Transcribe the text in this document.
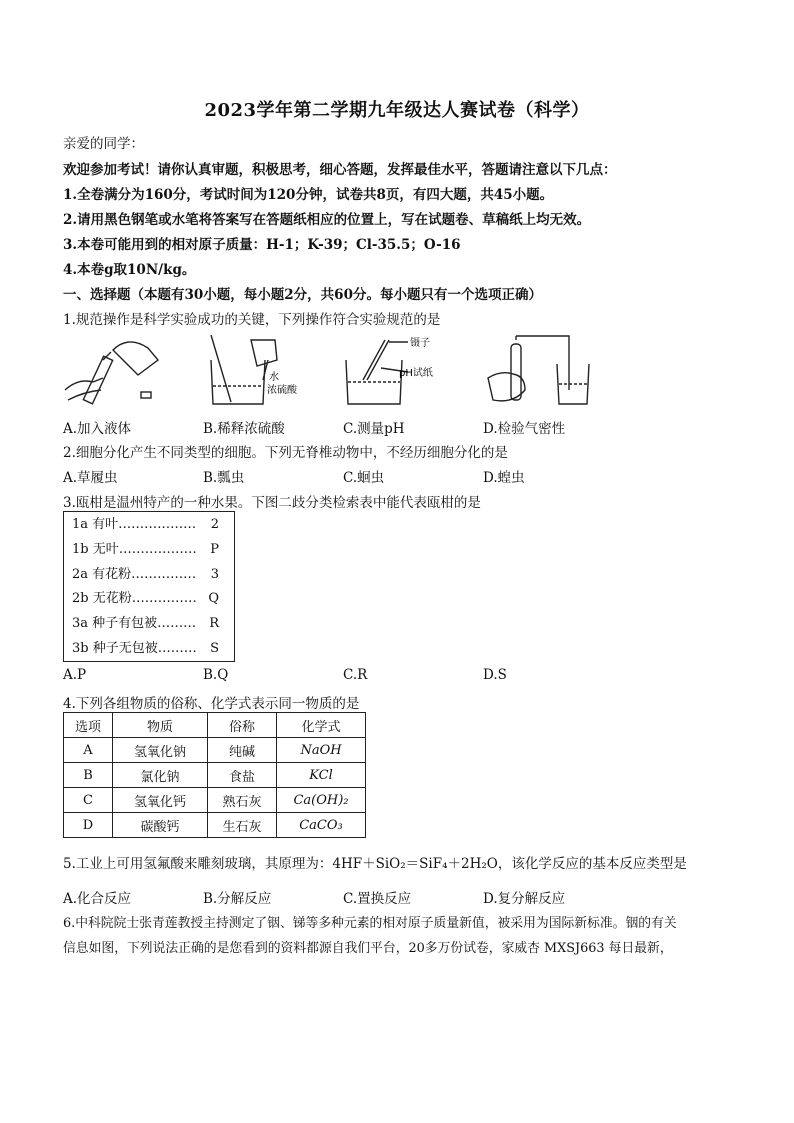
2023学年第二学期九年级达人赛试卷（科学）
亲爱的同学：
欢迎参加考试！请你认真审题，积极思考，细心答题，发挥最佳水平，答题请注意以下几点：
1.全卷满分为160分，考试时间为120分钟，试卷共8页，有四大题，共45小题。
2.请用黑色钢笔或水笔将答案写在答题纸相应的位置上，写在试题卷、草稿纸上均无效。
3.本卷可能用到的相对原子质量：H-1；K-39；Cl-35.5；O-16
4.本卷g取10N/kg。
一、选择题（本题有30小题，每小题2分，共60分。每小题只有一个选项正确）
1.规范操作是科学实验成功的关键，下列操作符合实验规范的是
水
浓硫酸
镊子
pH试纸
A.加入液体	B.稀释浓硫酸	C.测量pH	D.检验气密性
2.细胞分化产生不同类型的细胞。下列无脊椎动物中，不经历细胞分化的是
A.草履虫	B.瓢虫	C.蛔虫	D.蝗虫
3.瓯柑是温州特产的一种水果。下图二歧分类检索表中能代表瓯柑的是
1a 有叶……………… 2
1b 无叶……………… P
2a 有花粉…………… 3
2b 无花粉…………… Q
3a 种子有包被……… R
3b 种子无包被……… S
A.P	B.Q	C.R	D.S
4.下列各组物质的俗称、化学式表示同一物质的是
选项	物质	俗称	化学式
A	氢氧化钠	纯碱	NaOH
B	氯化钠	食盐	KCl
C	氢氧化钙	熟石灰	Ca(OH)₂
D	碳酸钙	生石灰	CaCO₃
5.工业上可用氢氟酸来雕刻玻璃，其原理为：4HF＋SiO₂＝SiF₄＋2H₂O，该化学反应的基本反应类型是
A.化合反应	B.分解反应	C.置换反应	D.复分解反应
6.中科院院士张青莲教授主持测定了铟、锑等多种元素的相对原子质量新值，被采用为国际新标准。铟的有关
信息如图，下列说法正确的是您看到的资料都源自我们平台，20多万份试卷，家威杏 MXSJ663 每日最新，
